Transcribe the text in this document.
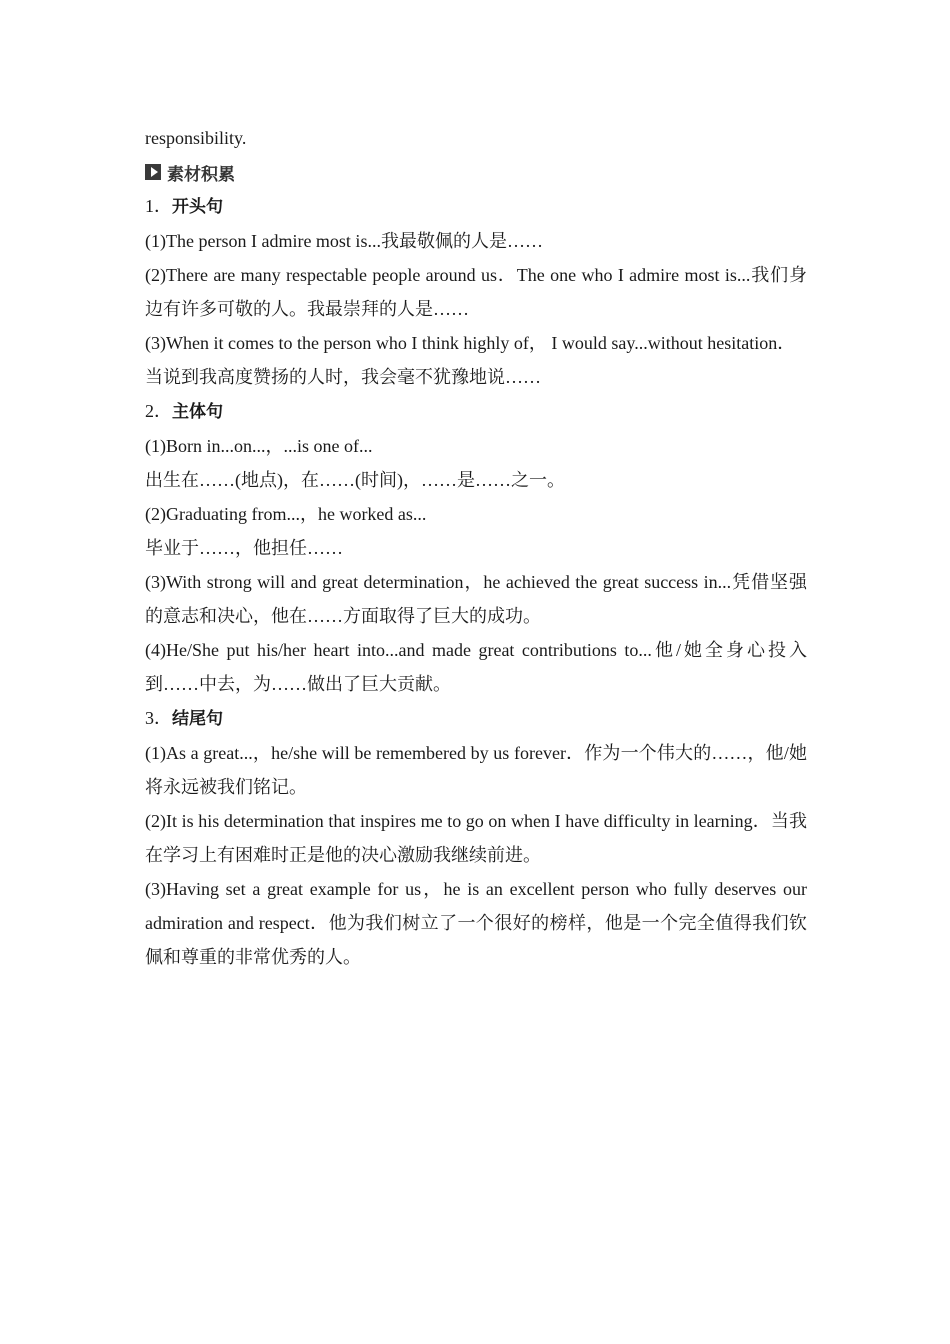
responsibility.

素材积累

1．开头句

(1)The person I admire most is...我最敬佩的人是……

(2)There are many respectable people around us．The one who I admire most is...我们身边有许多可敬的人。我最崇拜的人是……

(3)When it comes to the person who I think highly of， I would say...without hesitation．

当说到我高度赞扬的人时，我会毫不犹豫地说……

2．主体句

(1)Born in...on...，...is one of...

出生在……(地点)，在……(时间)，……是……之一。

(2)Graduating from...，he worked as...

毕业于……，他担任……

(3)With strong will and great determination，he achieved the great success in...凭借坚强的意志和决心，他在……方面取得了巨大的成功。

(4)He/She put his/her heart into...and made great contributions to...他/她全身心投入到……中去，为……做出了巨大贡献。

3．结尾句

(1)As a great...，he/she will be remembered by us forever．作为一个伟大的……，他/她将永远被我们铭记。

(2)It is his determination that inspires me to go on when I have difficulty in learning．当我在学习上有困难时正是他的决心激励我继续前进。

(3)Having set a great example for us，he is an excellent person who fully deserves our admiration and respect．他为我们树立了一个很好的榜样，他是一个完全值得我们钦佩和尊重的非常优秀的人。
